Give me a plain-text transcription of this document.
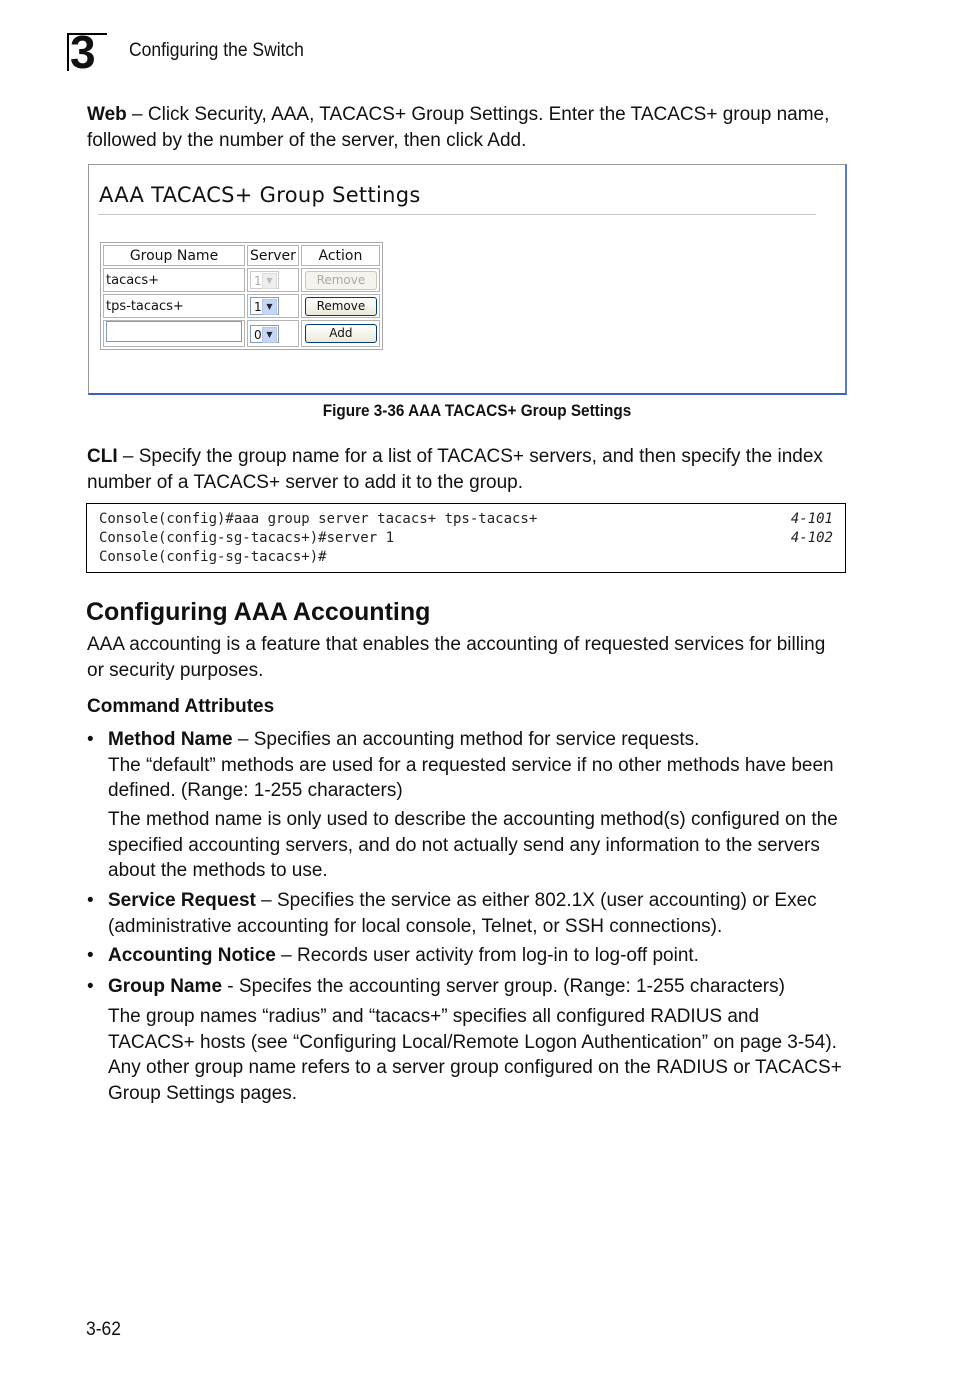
3 Configuring the Switch

Web – Click Security, AAA, TACACS+ Group Settings. Enter the TACACS+ group name, followed by the number of the server, then click Add.

AAA TACACS+ Group Settings
Group Name	Server	Action
tacacs+	1 ▼	Remove
tps-tacacs+	1 ▼	Remove
	0 ▼	Add
Figure 3-36 AAA TACACS+ Group Settings

CLI – Specify the group name for a list of TACACS+ servers, and then specify the index number of a TACACS+ server to add it to the group.

Console(config)#aaa group server tacacs+ tps-tacacs+	4-101
Console(config-sg-tacacs+)#server 1	4-102
Console(config-sg-tacacs+)#
Configuring AAA Accounting

AAA accounting is a feature that enables the accounting of requested services for billing or security purposes.

Command Attributes

• Method Name – Specifies an accounting method for service requests.
The “default” methods are used for a requested service if no other methods have been defined. (Range: 1-255 characters)

The method name is only used to describe the accounting method(s) configured on the specified accounting servers, and do not actually send any information to the servers about the methods to use.

• Service Request – Specifies the service as either 802.1X (user accounting) or Exec (administrative accounting for local console, Telnet, or SSH connections).

• Accounting Notice – Records user activity from log-in to log-off point.

• Group Name - Specifes the accounting server group. (Range: 1-255 characters)

The group names “radius” and “tacacs+” specifies all configured RADIUS and TACACS+ hosts (see “Configuring Local/Remote Logon Authentication” on page 3-54). Any other group name refers to a server group configured on the RADIUS or TACACS+ Group Settings pages.

3-62
